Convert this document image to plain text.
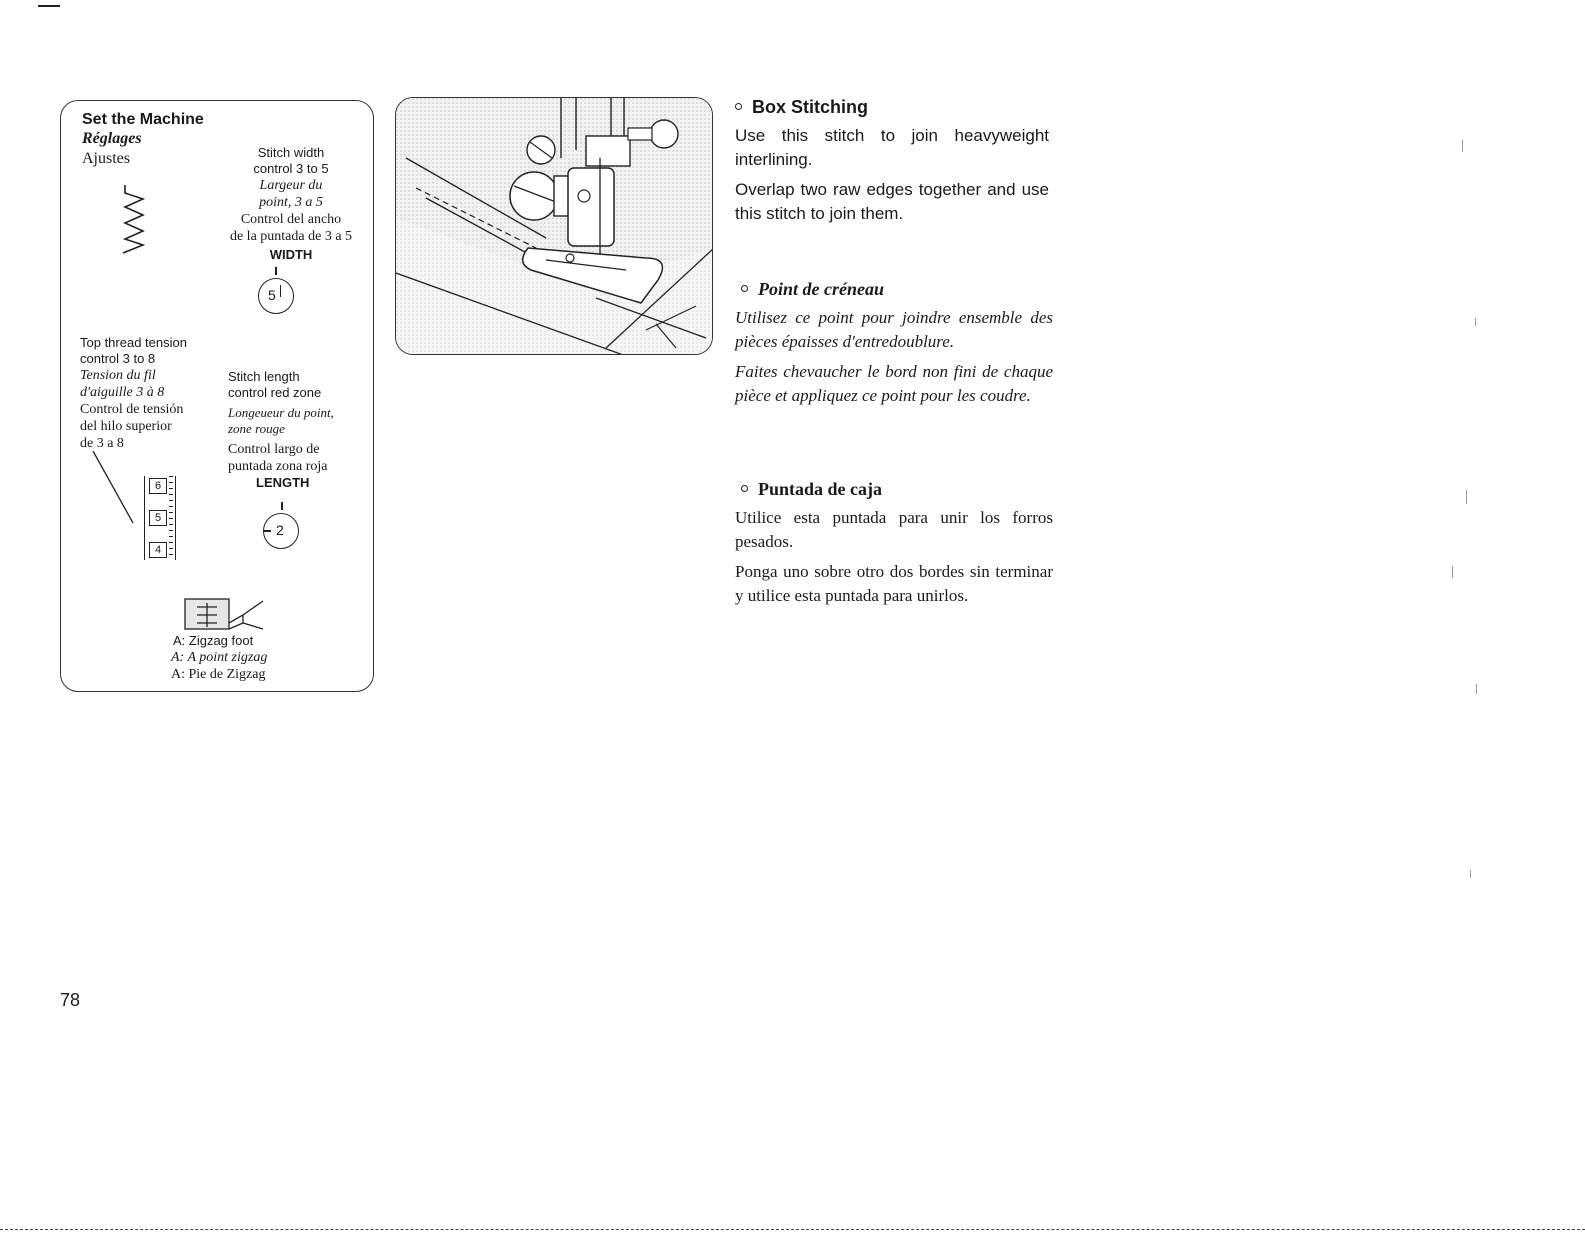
Set the Machine
Réglages
Ajustes	Stitch width
control 3 to 5
Largeur du
point, 3 a 5
Control del ancho
de la puntada de 3 a 5
WIDTH
5
Top thread tension
control 3 to 8
Tension du fil
d'aiguille 3 à 8
Control de tensión
del hilo superior
de 3 a 8
6
5
4
Stitch length
control red zone
Longeueur du point,
zone rouge
Control largo de
puntada zona roja
LENGTH
2
A: Zigzag foot
A: A point zigzag
A: Pie de Zigzag
Box Stitching
Use this stitch to join heavyweight interlining.
Overlap two raw edges together and use this stitch to join them.
Point de créneau
Utilisez ce point pour joindre ensemble des pièces épaisses d'entredoublure.
Faites chevaucher le bord non fini de chaque pièce et appliquez ce point pour les coudre.
Puntada de caja
Utilice esta puntada para unir los forros pesados.
Ponga uno sobre otro dos bordes sin terminar y utilice esta puntada para unirlos.
78
